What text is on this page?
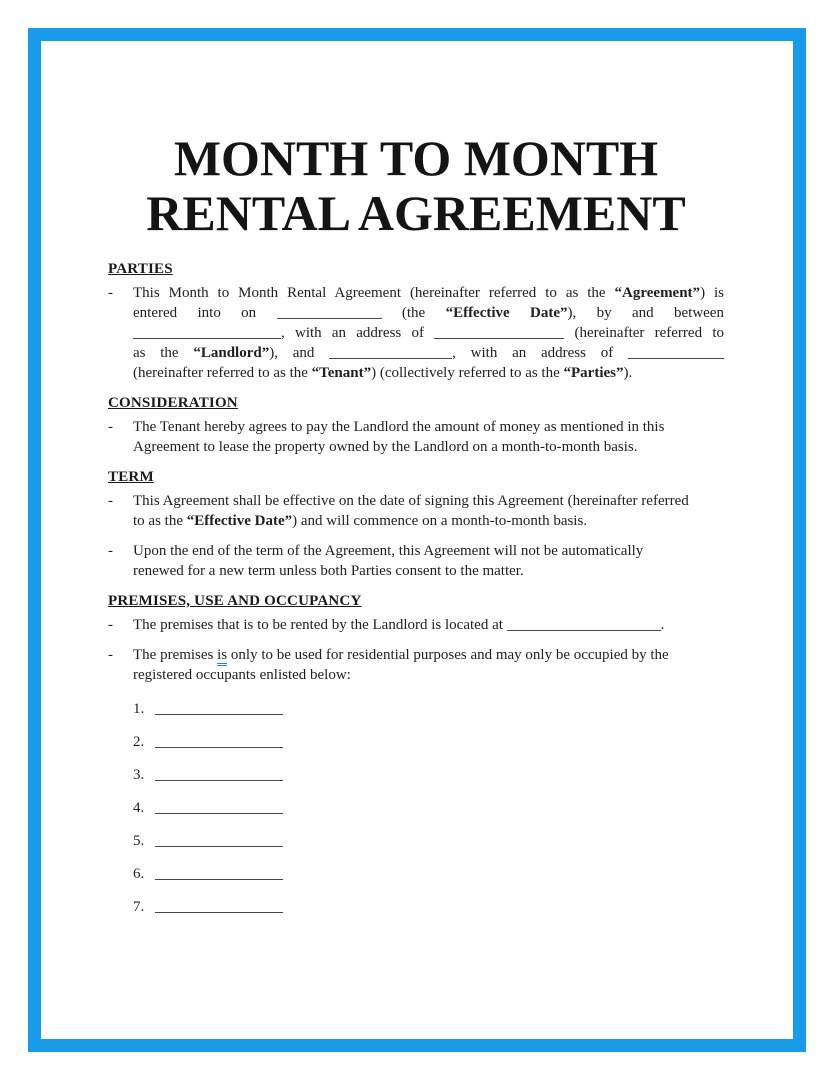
MONTH TO MONTH
RENTAL AGREEMENT
PARTIES
-	This Month to Month Rental Agreement (hereinafter referred to as the “Agreement”) is
entered into on	(the “Effective Date”), by and between
, with an address of	(hereinafter referred to
as the “Landlord”), and	, with an address of
(hereinafter referred to as the “Tenant”) (collectively referred to as the “Parties”).
CONSIDERATION
-	The Tenant hereby agrees to pay the Landlord the amount of money as mentioned in this
Agreement to lease the property owned by the Landlord on a month-to-month basis.
TERM
-	This Agreement shall be effective on the date of signing this Agreement (hereinafter referred
to as the “Effective Date”) and will commence on a month-to-month basis.
-	Upon the end of the term of the Agreement, this Agreement will not be automatically
renewed for a new term unless both Parties consent to the matter.
PREMISES, USE AND OCCUPANCY
-	The premises that is to be rented by the Landlord is located at	.
-	The premises is only to be used for residential purposes and may only be occupied by the
registered occupants enlisted below:
1.
2.
3.
4.
5.
6.
7.
